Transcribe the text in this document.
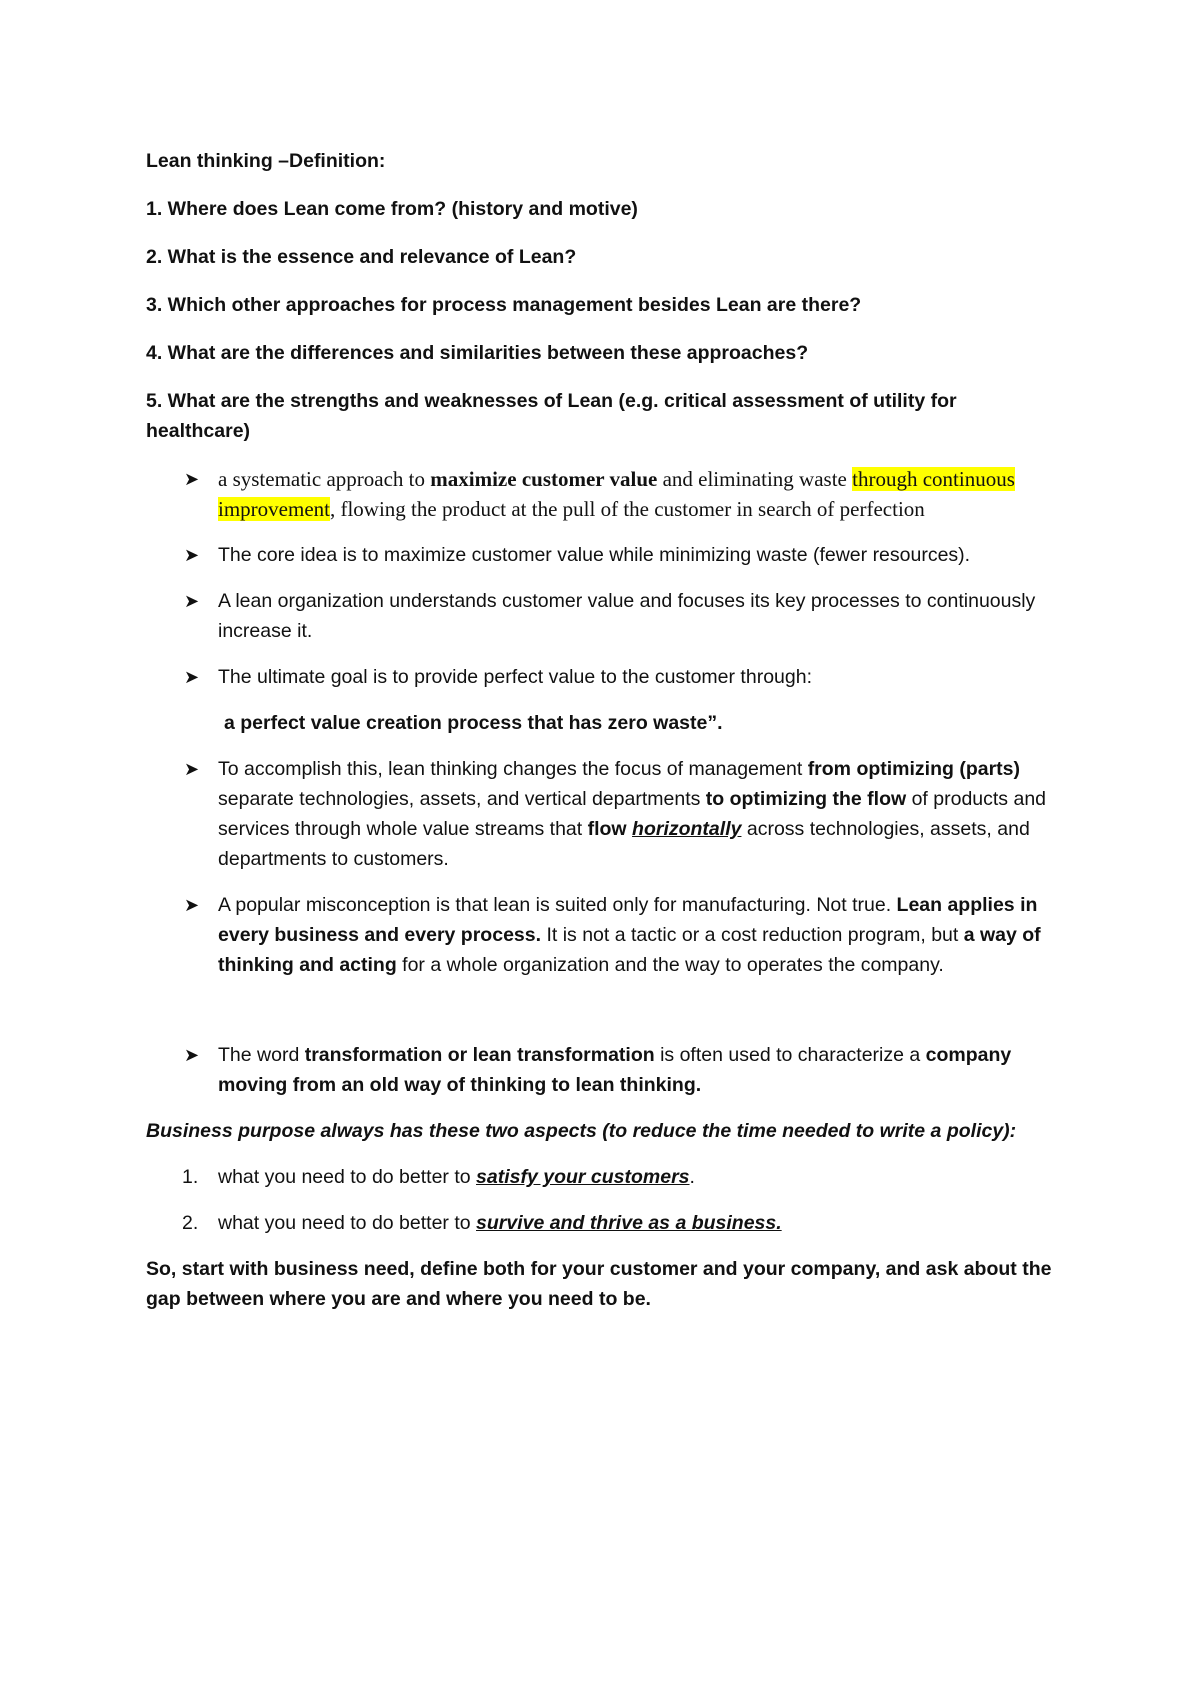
Lean thinking –Definition:

1. Where does Lean come from? (history and motive)

2. What is the essence and relevance of Lean?

3. Which other approaches for process management besides Lean are there?

4. What are the differences and similarities between these approaches?

5. What are the strengths and weaknesses of Lean (e.g. critical assessment of utility for healthcare)

➤ a systematic approach to maximize customer value and eliminating waste through continuous improvement, flowing the product at the pull of the customer in search of perfection
➤ The core idea is to maximize customer value while minimizing waste (fewer resources).
➤ A lean organization understands customer value and focuses its key processes to continuously increase it.
➤ The ultimate goal is to provide perfect value to the customer through:

a perfect value creation process that has zero waste”.

➤ To accomplish this, lean thinking changes the focus of management from optimizing (parts) separate technologies, assets, and vertical departments to optimizing the flow of products and services through whole value streams that flow horizontally across technologies, assets, and departments to customers.
➤ A popular misconception is that lean is suited only for manufacturing. Not true. Lean applies in every business and every process. It is not a tactic or a cost reduction program, but a way of thinking and acting for a whole organization and the way to operates the company.
➤ The word transformation or lean transformation is often used to characterize a company moving from an old way of thinking to lean thinking.

Business purpose always has these two aspects (to reduce the time needed to write a policy):

1. what you need to do better to satisfy your customers.
2. what you need to do better to survive and thrive as a business.

So, start with business need, define both for your customer and your company, and ask about the gap between where you are and where you need to be.
